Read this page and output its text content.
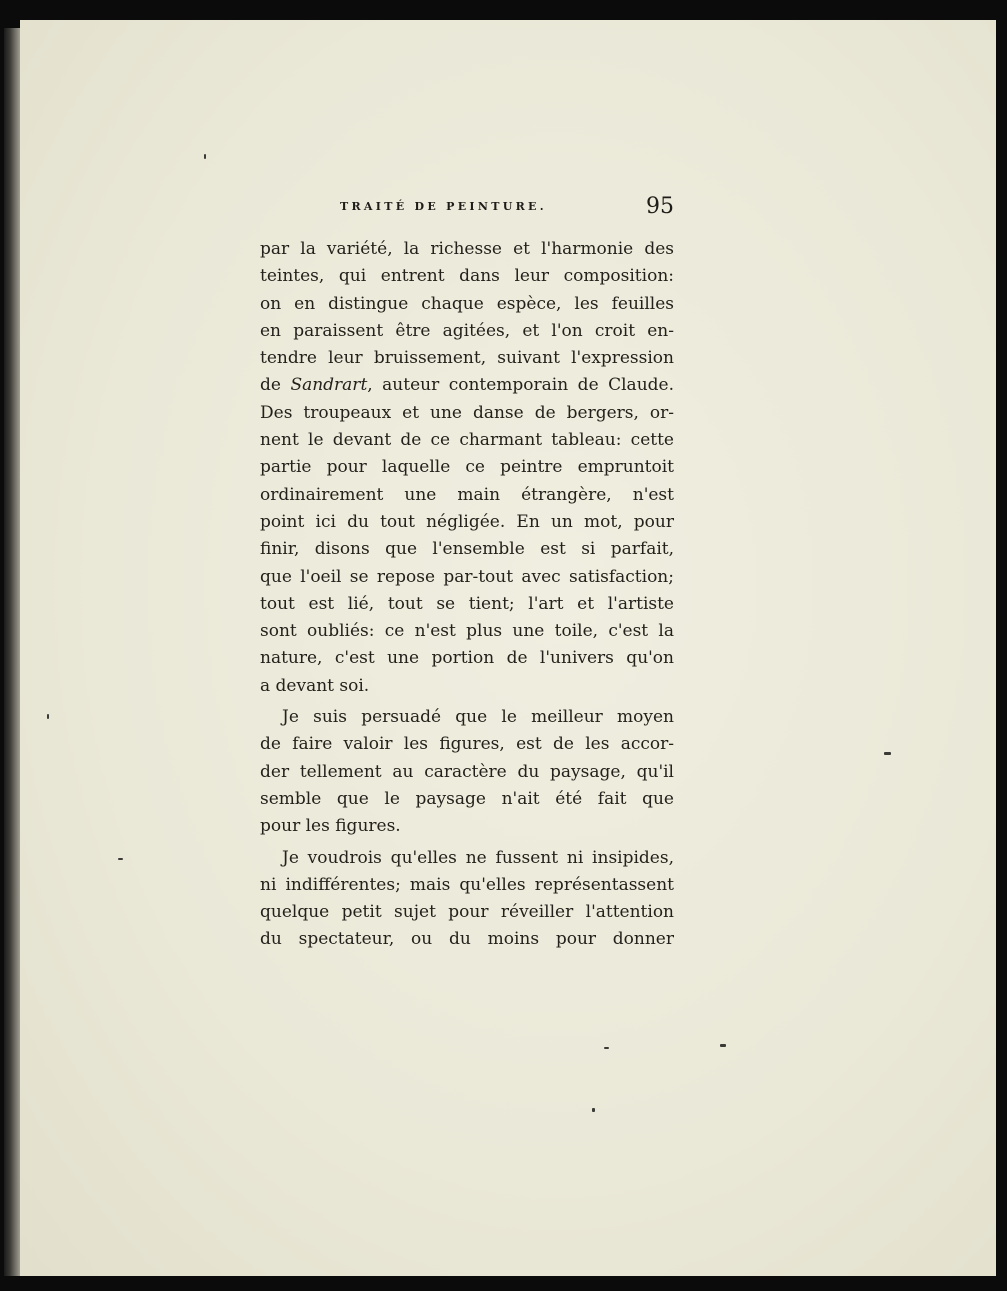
TRAITÉ DE PEINTURE.	95
par la variété, la richesse et l'harmonie des
teintes, qui entrent dans leur composition:
on en distingue chaque espèce, les feuilles
en paraissent être agitées, et l'on croit en-
tendre leur bruissement, suivant l'expression
de Sandrart, auteur contemporain de Claude.
Des troupeaux et une danse de bergers, or-
nent le devant de ce charmant tableau: cette
partie pour laquelle ce peintre empruntoit
ordinairement une main étrangère, n'est
point ici du tout négligée. En un mot, pour
finir, disons que l'ensemble est si parfait,
que l'oeil se repose par-tout avec satisfaction;
tout est lié, tout se tient; l'art et l'artiste
sont oubliés: ce n'est plus une toile, c'est la
nature, c'est une portion de l'univers qu'on
a devant soi.
Je suis persuadé que le meilleur moyen
de faire valoir les figures, est de les accor-
der tellement au caractère du paysage, qu'il
semble que le paysage n'ait été fait que
pour les figures.
Je voudrois qu'elles ne fussent ni insipides,
ni indifférentes; mais qu'elles représentassent
quelque petit sujet pour réveiller l'attention
du spectateur, ou du moins pour donner
